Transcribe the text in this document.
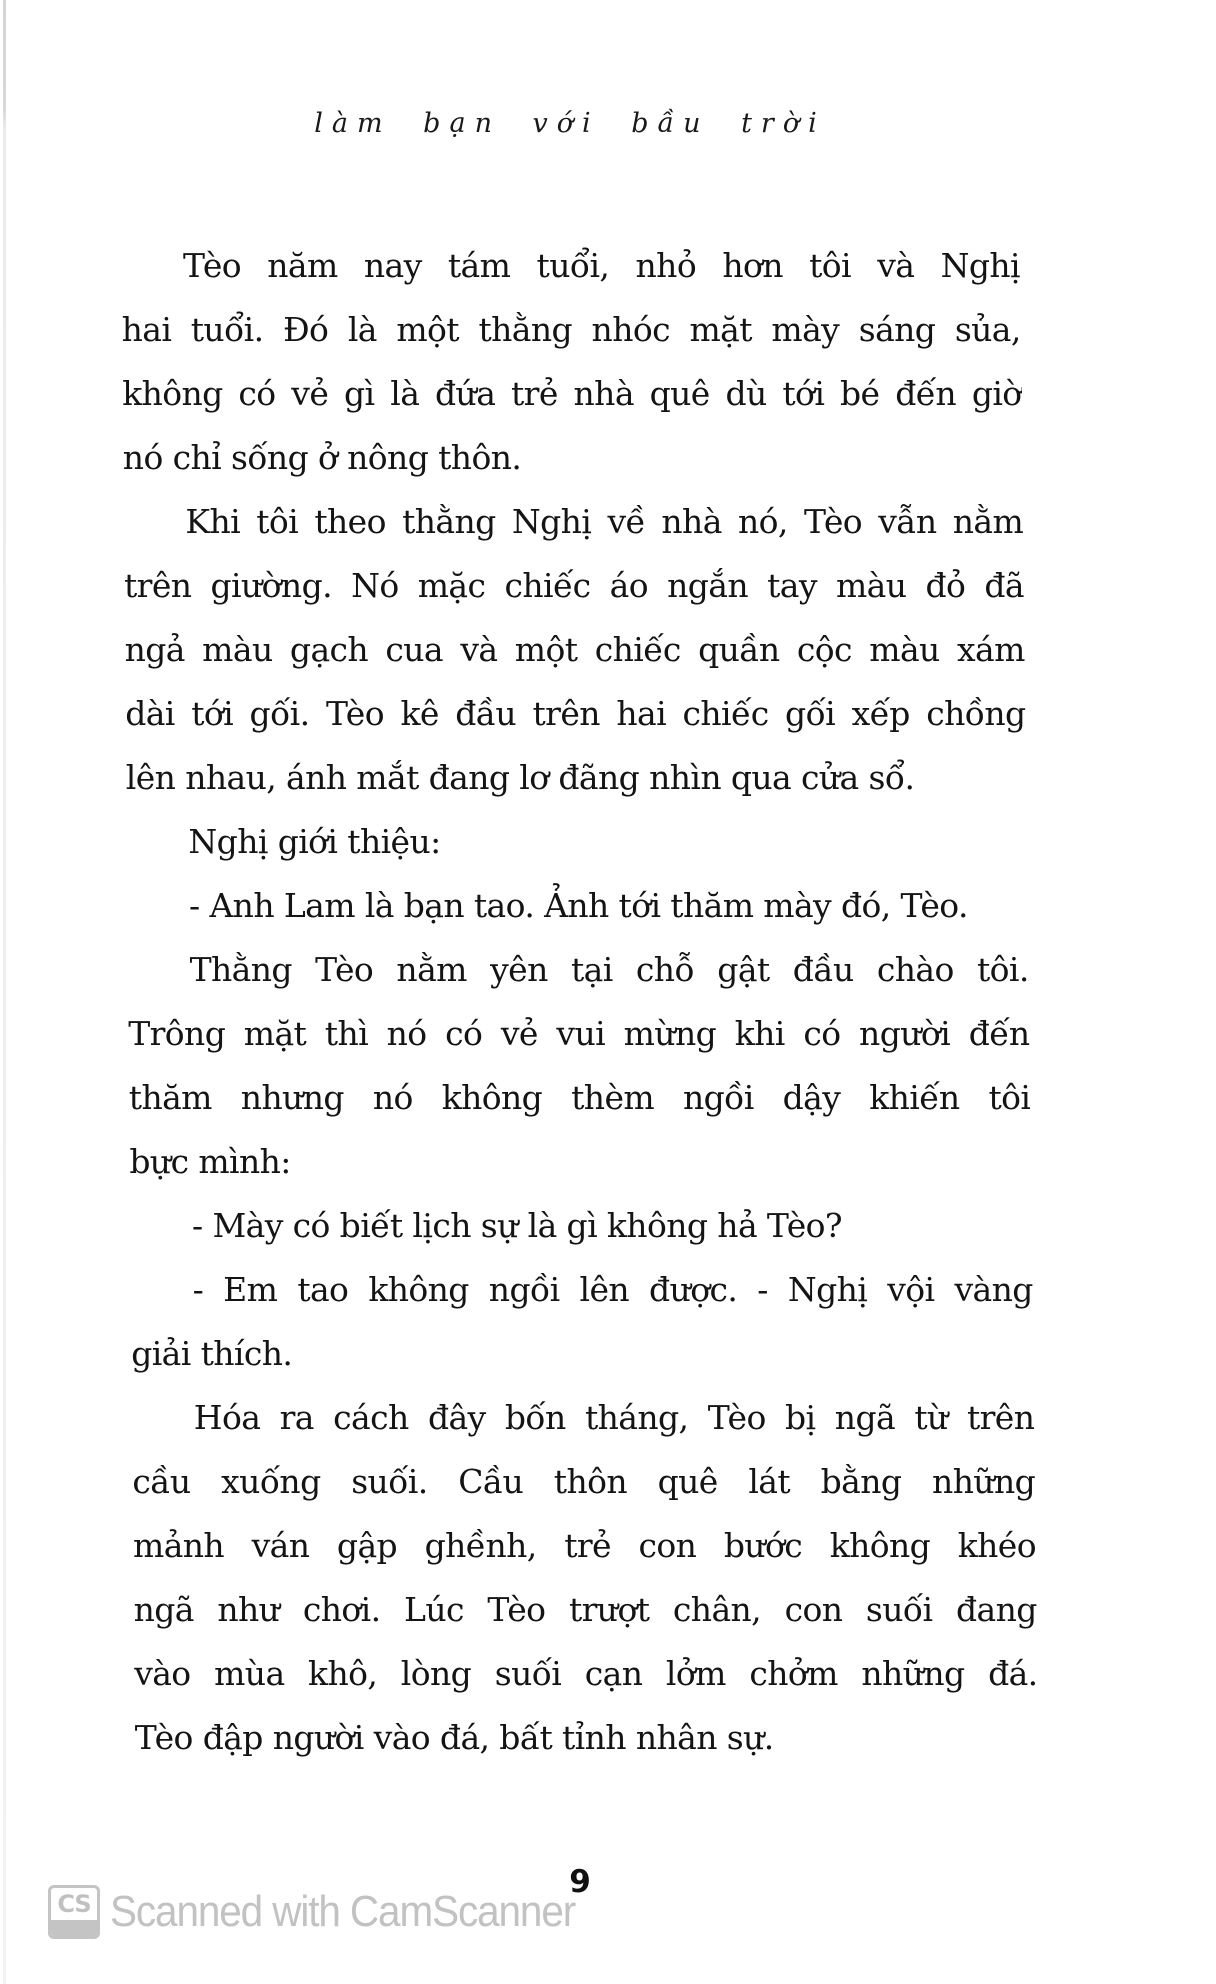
làm bạn với bầu trời
Tèo năm nay tám tuổi, nhỏ hơn tôi và Nghị
hai tuổi. Đó là một thằng nhóc mặt mày sáng sủa,
không có vẻ gì là đứa trẻ nhà quê dù tới bé đến giờ
nó chỉ sống ở nông thôn.
Khi tôi theo thằng Nghị về nhà nó, Tèo vẫn nằm
trên giường. Nó mặc chiếc áo ngắn tay màu đỏ đã
ngả màu gạch cua và một chiếc quần cộc màu xám
dài tới gối. Tèo kê đầu trên hai chiếc gối xếp chồng
lên nhau, ánh mắt đang lơ đãng nhìn qua cửa sổ.
Nghị giới thiệu:
- Anh Lam là bạn tao. Ảnh tới thăm mày đó, Tèo.
Thằng Tèo nằm yên tại chỗ gật đầu chào tôi.
Trông mặt thì nó có vẻ vui mừng khi có người đến
thăm nhưng nó không thèm ngồi dậy khiến tôi
bực mình:
- Mày có biết lịch sự là gì không hả Tèo?
- Em tao không ngồi lên được. - Nghị vội vàng
giải thích.
Hóa ra cách đây bốn tháng, Tèo bị ngã từ trên
cầu xuống suối. Cầu thôn quê lát bằng những
mảnh ván gập ghềnh, trẻ con bước không khéo
ngã như chơi. Lúc Tèo trượt chân, con suối đang
vào mùa khô, lòng suối cạn lởm chởm những đá.
Tèo đập người vào đá, bất tỉnh nhân sự.
9
CS Scanned with CamScanner
